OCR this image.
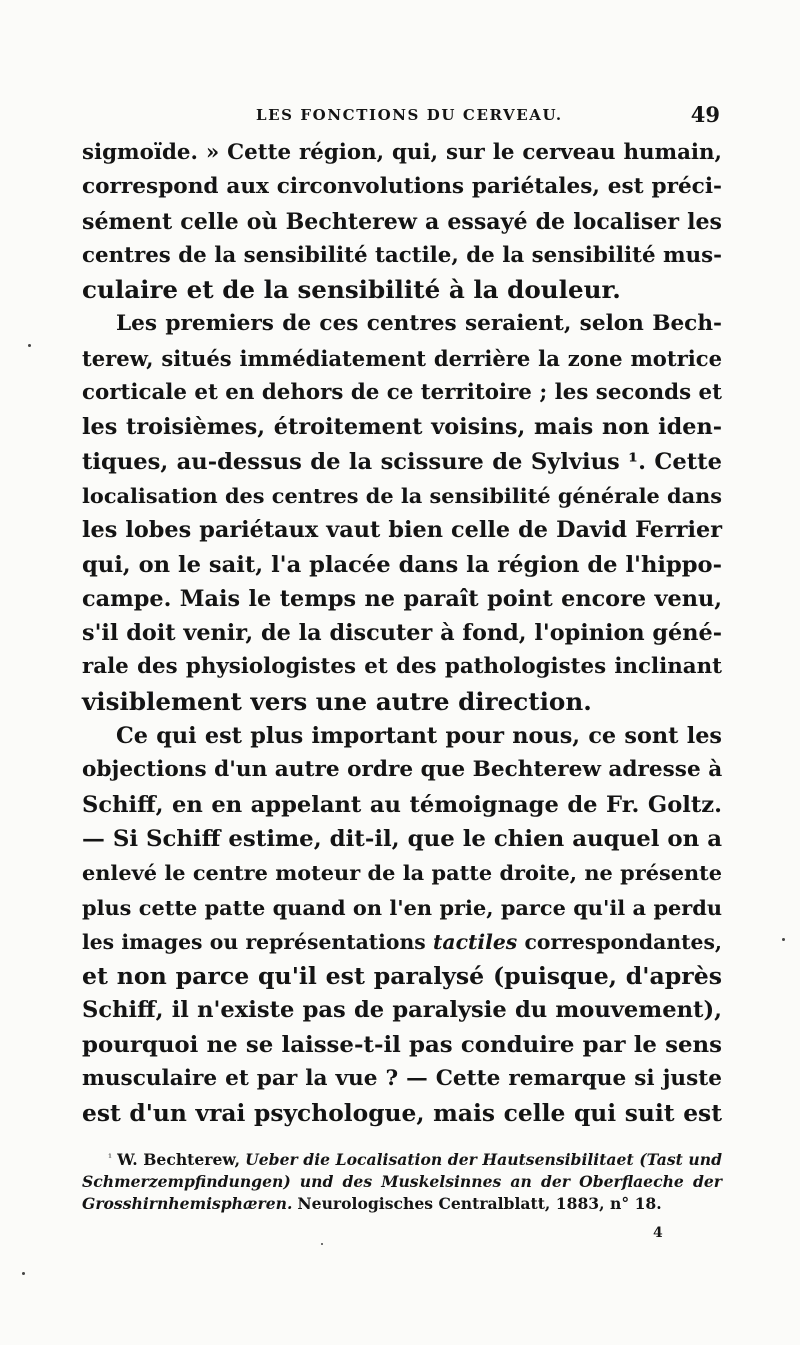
LES FONCTIONS DU CERVEAU.	49

sigmoïde. » Cette région, qui, sur le cerveau humain,
correspond aux circonvolutions pariétales, est préci-
sément celle où Bechterew a essayé de localiser les
centres de la sensibilité tactile, de la sensibilité mus-
culaire et de la sensibilité à la douleur.

Les premiers de ces centres seraient, selon Bech-
terew, situés immédiatement derrière la zone motrice
corticale et en dehors de ce territoire ; les seconds et
les troisièmes, étroitement voisins, mais non iden-
tiques, au-dessus de la scissure de Sylvius ¹. Cette
localisation des centres de la sensibilité générale dans
les lobes pariétaux vaut bien celle de David Ferrier
qui, on le sait, l'a placée dans la région de l'hippo-
campe. Mais le temps ne paraît point encore venu,
s'il doit venir, de la discuter à fond, l'opinion géné-
rale des physiologistes et des pathologistes inclinant
visiblement vers une autre direction.

Ce qui est plus important pour nous, ce sont les
objections d'un autre ordre que Bechterew adresse à
Schiff, en en appelant au témoignage de Fr. Goltz.
— Si Schiff estime, dit-il, que le chien auquel on a
enlevé le centre moteur de la patte droite, ne présente
plus cette patte quand on l'en prie, parce qu'il a perdu
les images ou représentations tactiles correspondantes,
et non parce qu'il est paralysé (puisque, d'après
Schiff, il n'existe pas de paralysie du mouvement),
pourquoi ne se laisse-t-il pas conduire par le sens
musculaire et par la vue ? — Cette remarque si juste
est d'un vrai psychologue, mais celle qui suit est

$^{^1}$ W. Bechterew, Ueber die Localisation der Hautsensibilitaet (Tast und
Schmerzempfindungen) und des Muskelsinnes an der Oberflaeche der
Grosshirnhemisphæren. Neurologisches Centralblatt, 1883, n° 18.
4
